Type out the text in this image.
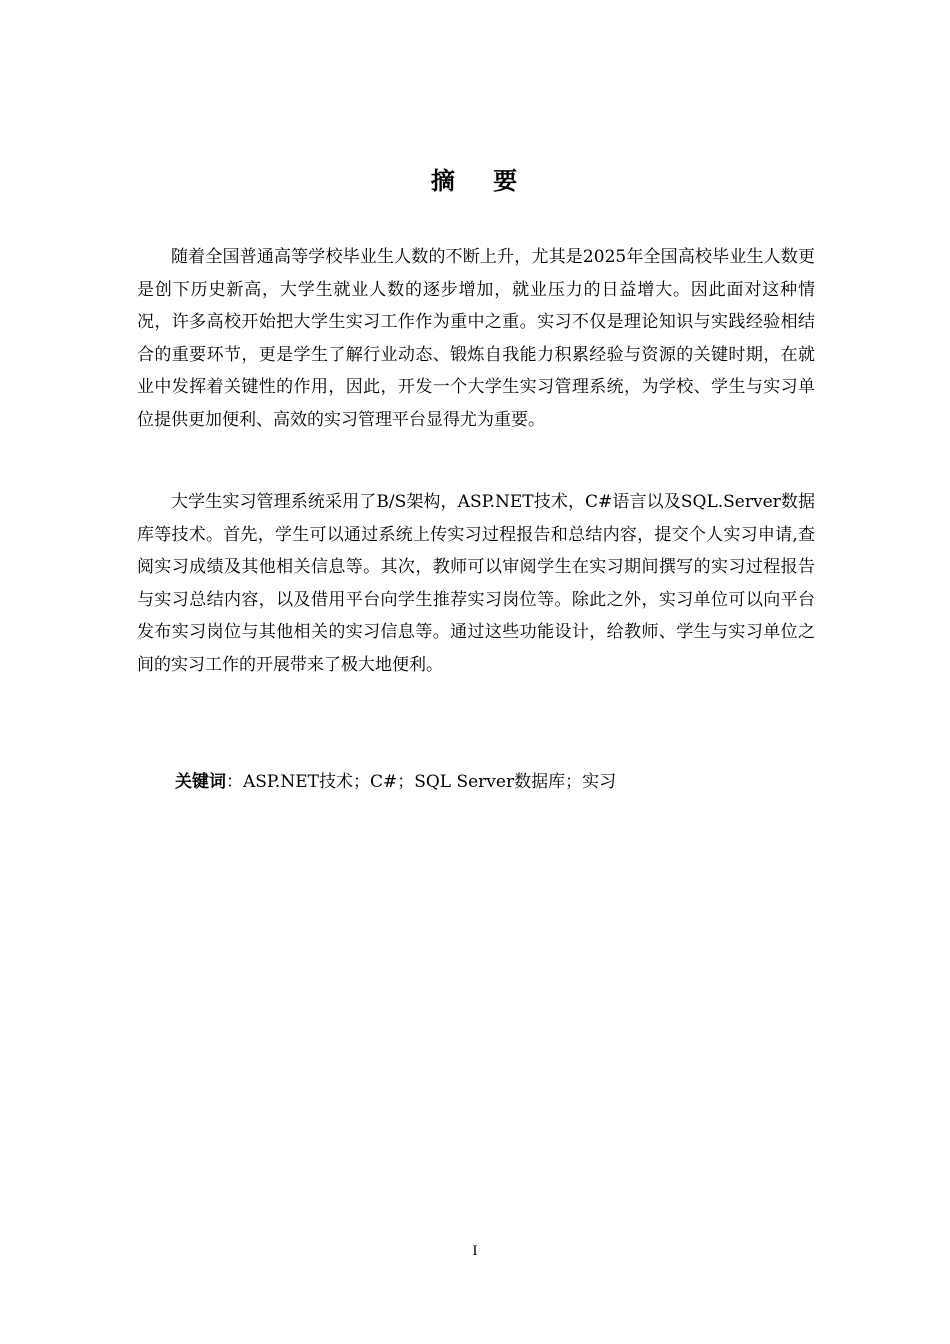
摘 要

随着全国普通高等学校毕业生人数的不断上升，尤其是2025年全国高校毕业生人数更是创下历史新高，大学生就业人数的逐步增加，就业压力的日益增大。因此面对这种情况，许多高校开始把大学生实习工作作为重中之重。实习不仅是理论知识与实践经验相结合的重要环节，更是学生了解行业动态、锻炼自我能力积累经验与资源的关键时期，在就业中发挥着关键性的作用，因此，开发一个大学生实习管理系统，为学校、学生与实习单位提供更加便利、高效的实习管理平台显得尤为重要。

大学生实习管理系统采用了B/S架构，ASP.NET技术，C#语言以及SQL.Server数据库等技术。首先，学生可以通过系统上传实习过程报告和总结内容，提交个人实习申请,查阅实习成绩及其他相关信息等。其次，教师可以审阅学生在实习期间撰写的实习过程报告与实习总结内容，以及借用平台向学生推荐实习岗位等。除此之外，实习单位可以向平台发布实习岗位与其他相关的实习信息等。通过这些功能设计，给教师、学生与实习单位之间的实习工作的开展带来了极大地便利。

关键词：ASP.NET技术；C#；SQL Server数据库；实习
I
